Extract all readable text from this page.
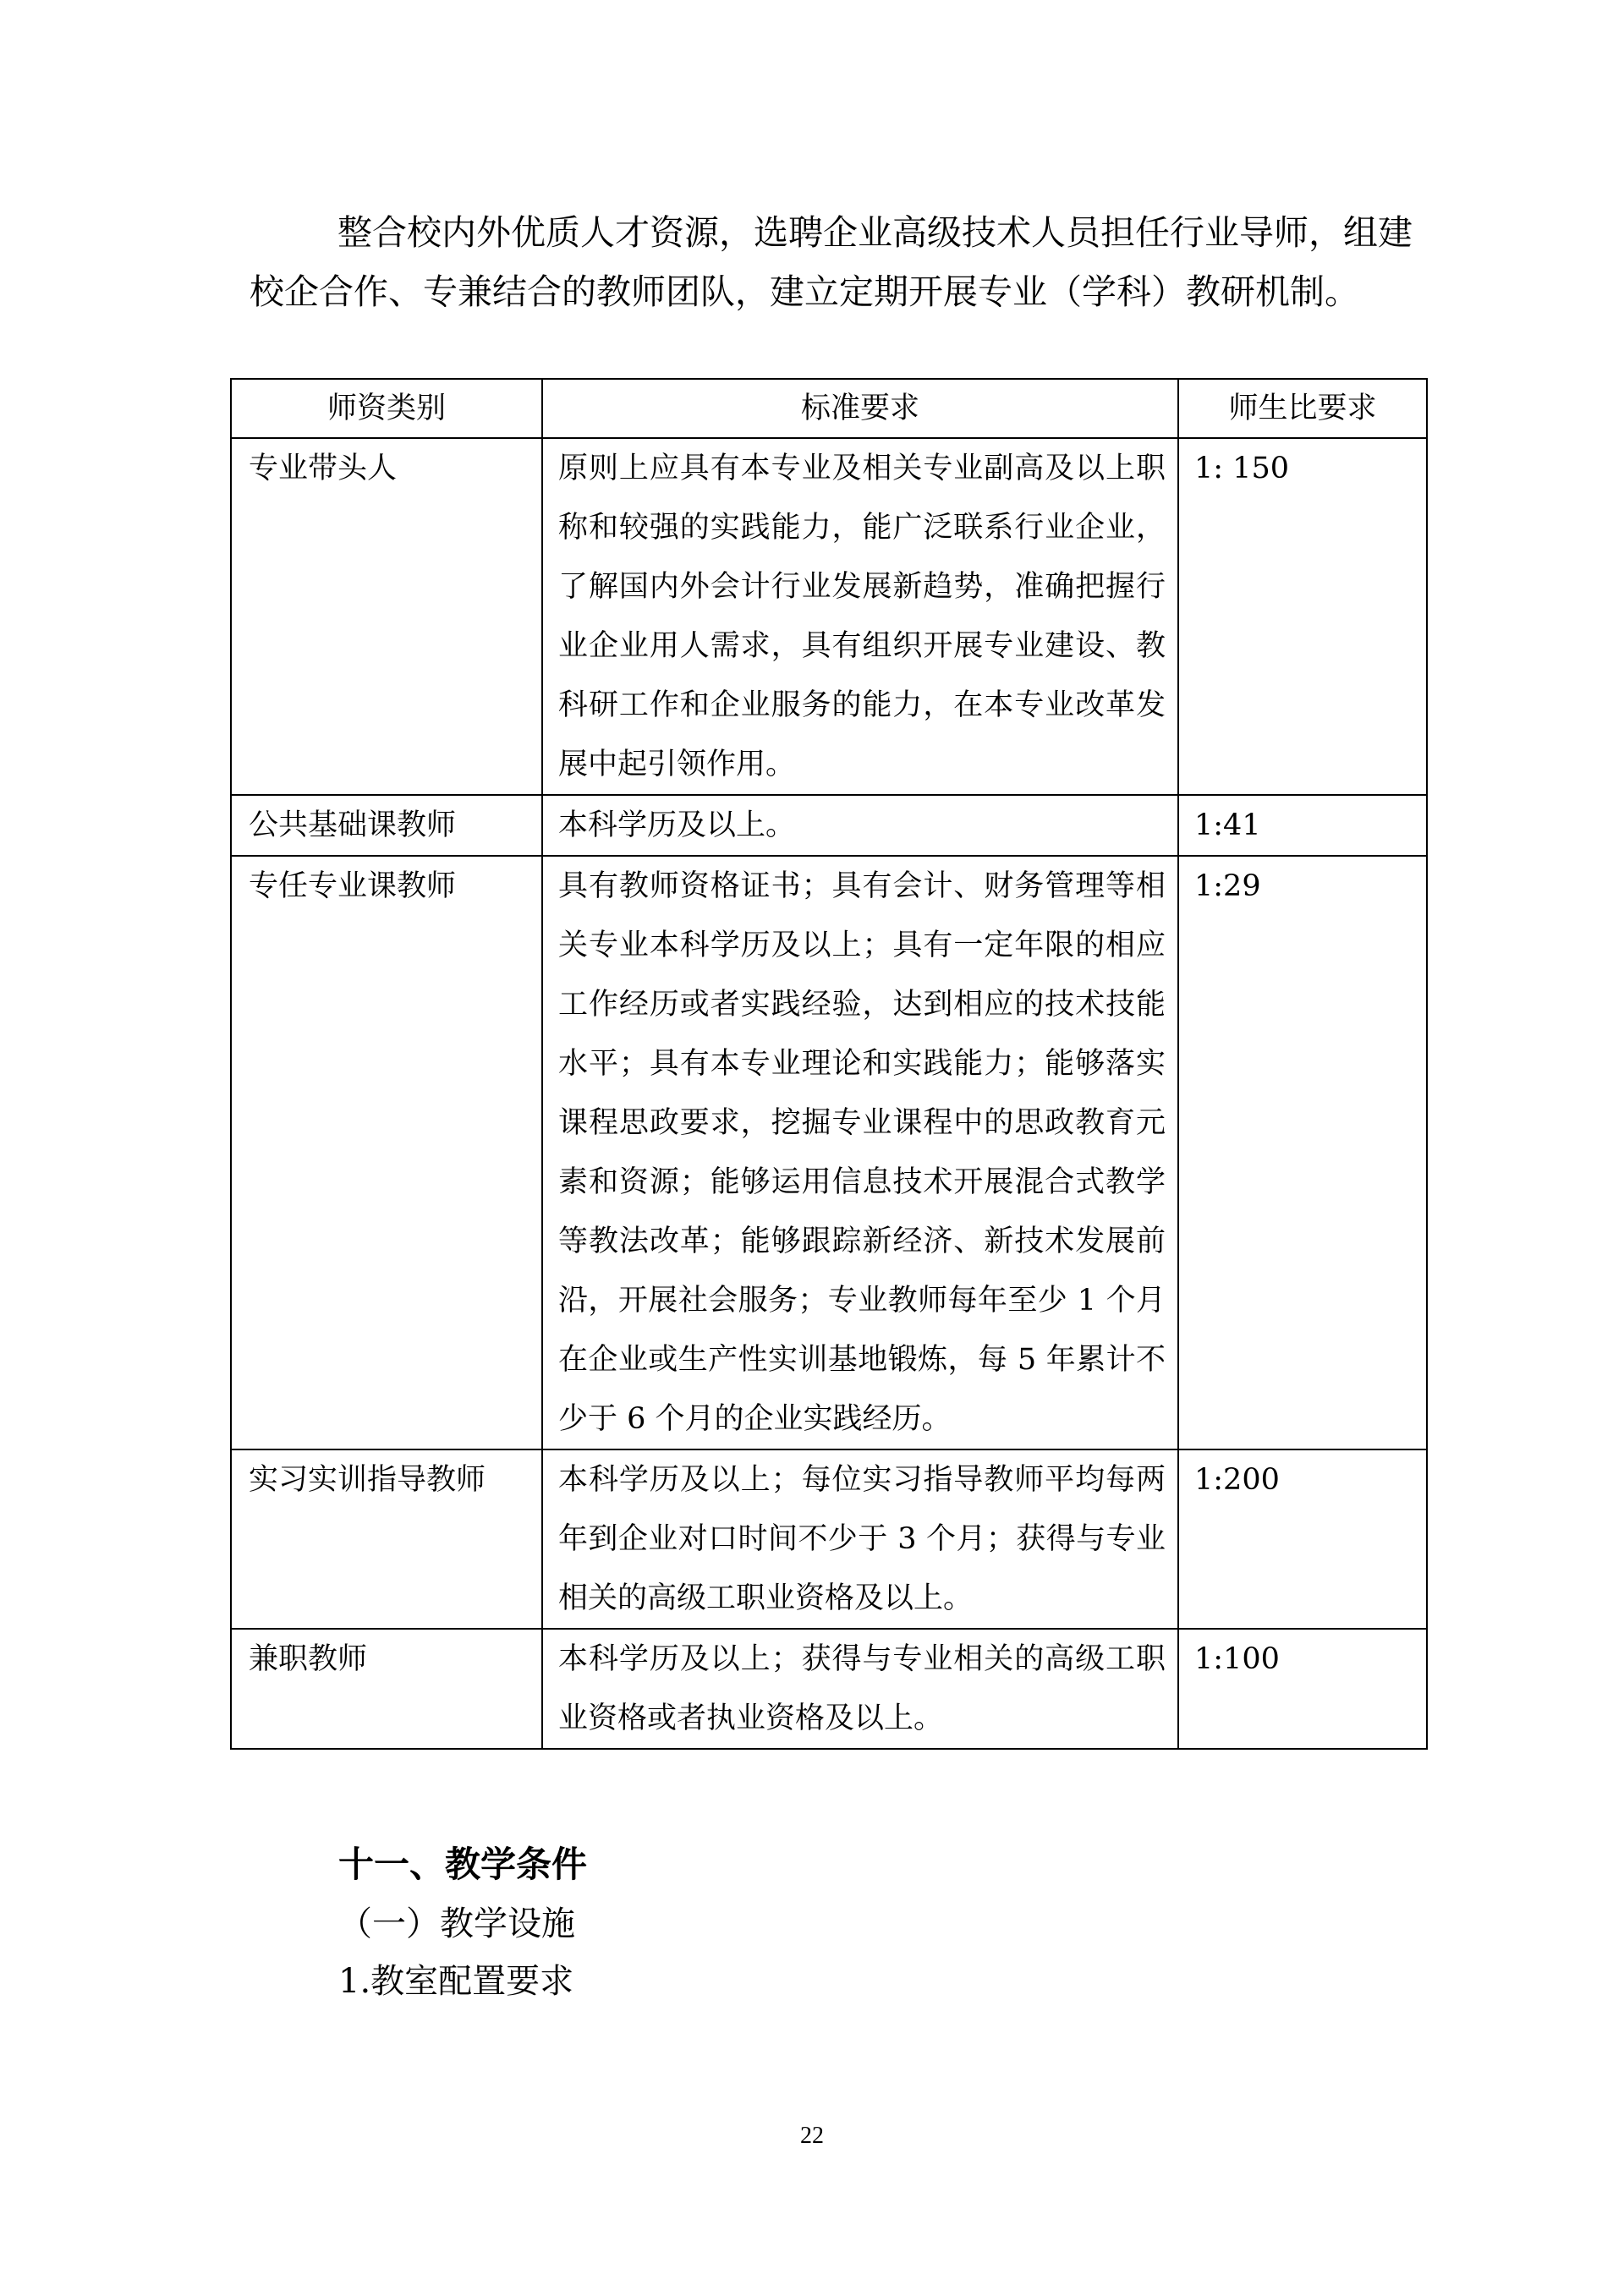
整合校内外优质人才资源，选聘企业高级技术人员担任行业导师，组建校企合作、专兼结合的教师团队，建立定期开展专业（学科）教研机制。

师资类别	标准要求	师生比要求
专业带头人	原则上应具有本专业及相关专业副高及以上职称和较强的实践能力，能广泛联系行业企业，了解国内外会计行业发展新趋势，准确把握行业企业用人需求，具有组织开展专业建设、教科研工作和企业服务的能力，在本专业改革发展中起引领作用。	1: 150
公共基础课教师	本科学历及以上。	1:41
专任专业课教师	具有教师资格证书；具有会计、财务管理等相关专业本科学历及以上；具有一定年限的相应工作经历或者实践经验，达到相应的技术技能水平；具有本专业理论和实践能力；能够落实课程思政要求，挖掘专业课程中的思政教育元素和资源；能够运用信息技术开展混合式教学等教法改革；能够跟踪新经济、新技术发展前沿，开展社会服务；专业教师每年至少 1 个月在企业或生产性实训基地锻炼，每 5 年累计不少于 6 个月的企业实践经历。	1:29
实习实训指导教师	本科学历及以上；每位实习指导教师平均每两年到企业对口时间不少于 3 个月；获得与专业相关的高级工职业资格及以上。	1:200
兼职教师	本科学历及以上；获得与专业相关的高级工职业资格或者执业资格及以上。	1:100

十一、教学条件

（一）教学设施

1.教室配置要求

22
